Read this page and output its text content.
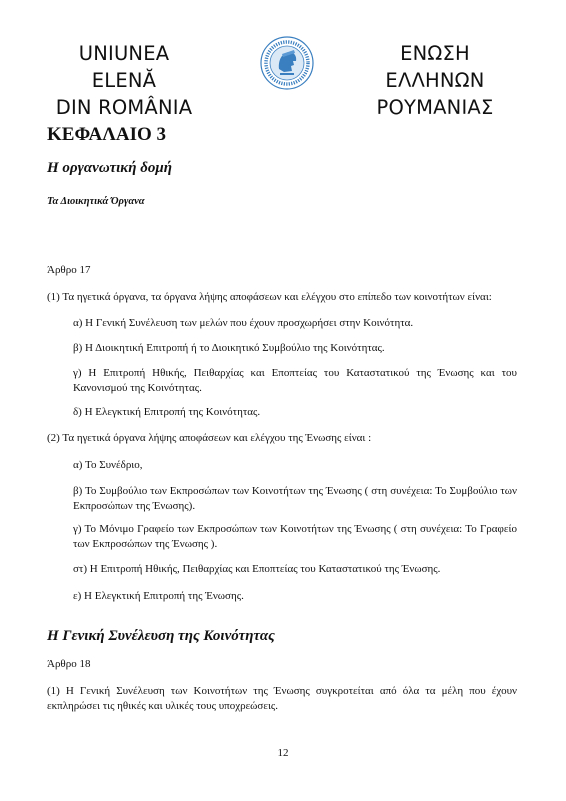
UNIUNEA ELENĂ
DIN ROMÂNIA
ΕΝΩΣΗ ΕΛΛΗΝΩΝ
ΡΟΥΜΑΝΙΑΣ
ΚΕΦΑΛΑΙΟ 3
Η οργανωτική δομή
Τα Διοικητικά Όργανα
Άρθρο 17
(1) Τα ηγετικά όργανα, τα όργανα λήψης αποφάσεων και ελέγχου στο επίπεδο των κοινοτήτων είναι:
α) Η Γενική Συνέλευση των μελών που έχουν προσχωρήσει στην Κοινότητα.
β) Η Διοικητική Επιτροπή ή το Διοικητικό Συμβούλιο της Κοινότητας.
γ) Η Επιτροπή Ηθικής, Πειθαρχίας και Εποπτείας του Καταστατικού της Ένωσης και του Κανονισμού της Κοινότητας.
δ) Η Ελεγκτική Επιτροπή της Κοινότητας.
(2) Τα ηγετικά όργανα λήψης αποφάσεων και ελέγχου της Ένωσης είναι :
α) Το Συνέδριο,
β) Το Συμβούλιο των Εκπροσώπων των Κοινοτήτων της Ένωσης ( στη συνέχεια: Το Συμβούλιο των Εκπροσώπων της Ένωσης).
γ) Το Μόνιμο Γραφείο των Εκπροσώπων των Κοινοτήτων της Ένωσης ( στη συνέχεια: Το Γραφείο των Εκπροσώπων της Ένωσης ).
στ) Η Επιτροπή Ηθικής, Πειθαρχίας και Εποπτείας του Καταστατικού της Ένωσης.
ε) Η Ελεγκτική Επιτροπή της Ένωσης.
Η Γενική Συνέλευση της Κοινότητας
Άρθρο 18
(1) Η Γενική Συνέλευση των Κοινοτήτων της Ένωσης συγκροτείται από όλα τα μέλη που έχουν εκπληρώσει τις ηθικές και υλικές τους υποχρεώσεις.
12
